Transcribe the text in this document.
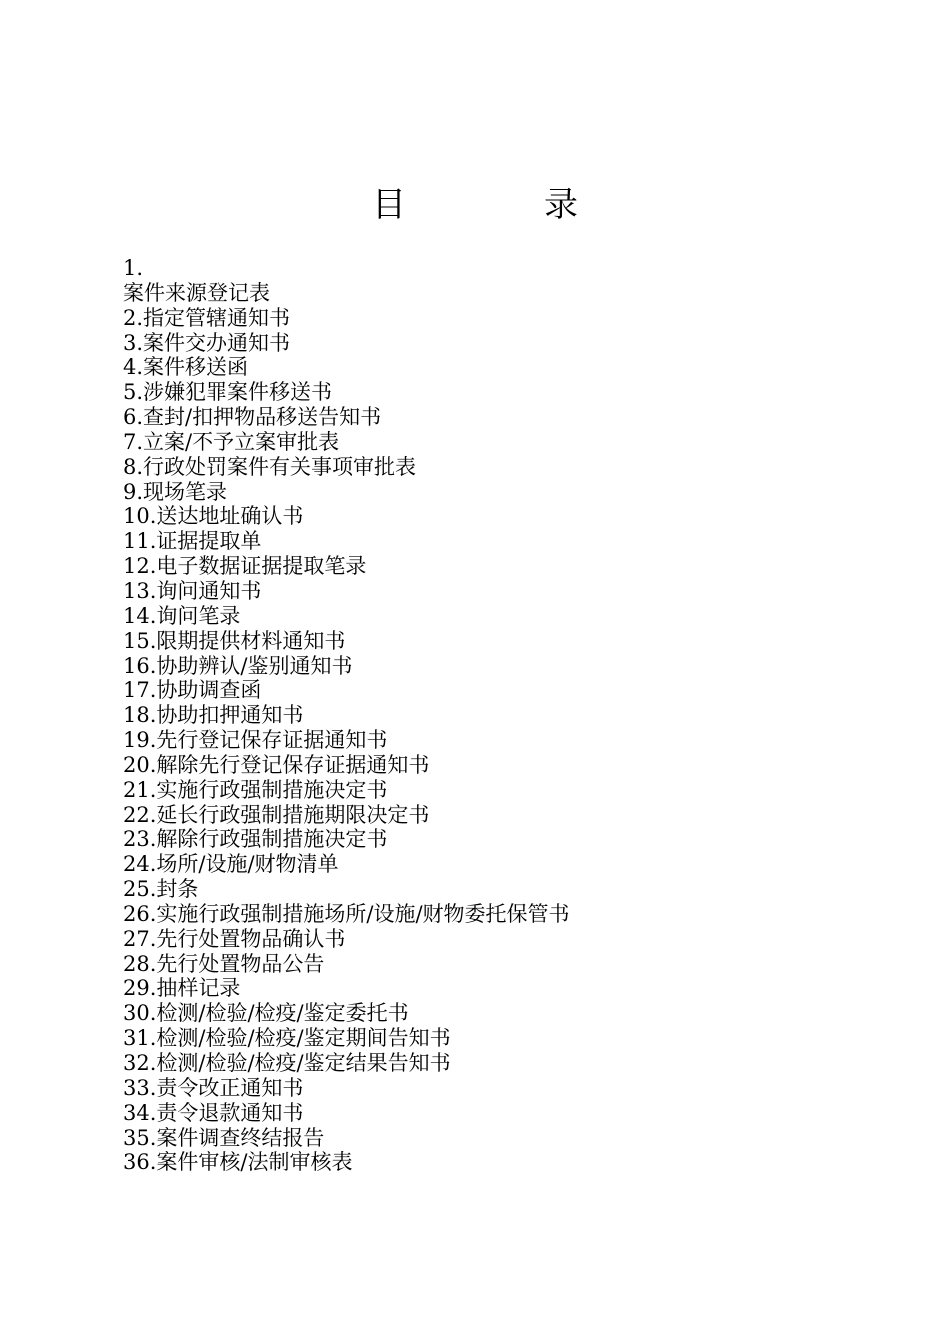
目　录
1.
案件来源登记表
2.指定管辖通知书
3.案件交办通知书
4.案件移送函
5.涉嫌犯罪案件移送书
6.查封/扣押物品移送告知书
7.立案/不予立案审批表
8.行政处罚案件有关事项审批表
9.现场笔录
10.送达地址确认书
11.证据提取单
12.电子数据证据提取笔录
13.询问通知书
14.询问笔录
15.限期提供材料通知书
16.协助辨认/鉴别通知书
17.协助调查函
18.协助扣押通知书
19.先行登记保存证据通知书
20.解除先行登记保存证据通知书
21.实施行政强制措施决定书
22.延长行政强制措施期限决定书
23.解除行政强制措施决定书
24.场所/设施/财物清单
25.封条
26.实施行政强制措施场所/设施/财物委托保管书
27.先行处置物品确认书
28.先行处置物品公告
29.抽样记录
30.检测/检验/检疫/鉴定委托书
31.检测/检验/检疫/鉴定期间告知书
32.检测/检验/检疫/鉴定结果告知书
33.责令改正通知书
34.责令退款通知书
35.案件调查终结报告
36.案件审核/法制审核表
